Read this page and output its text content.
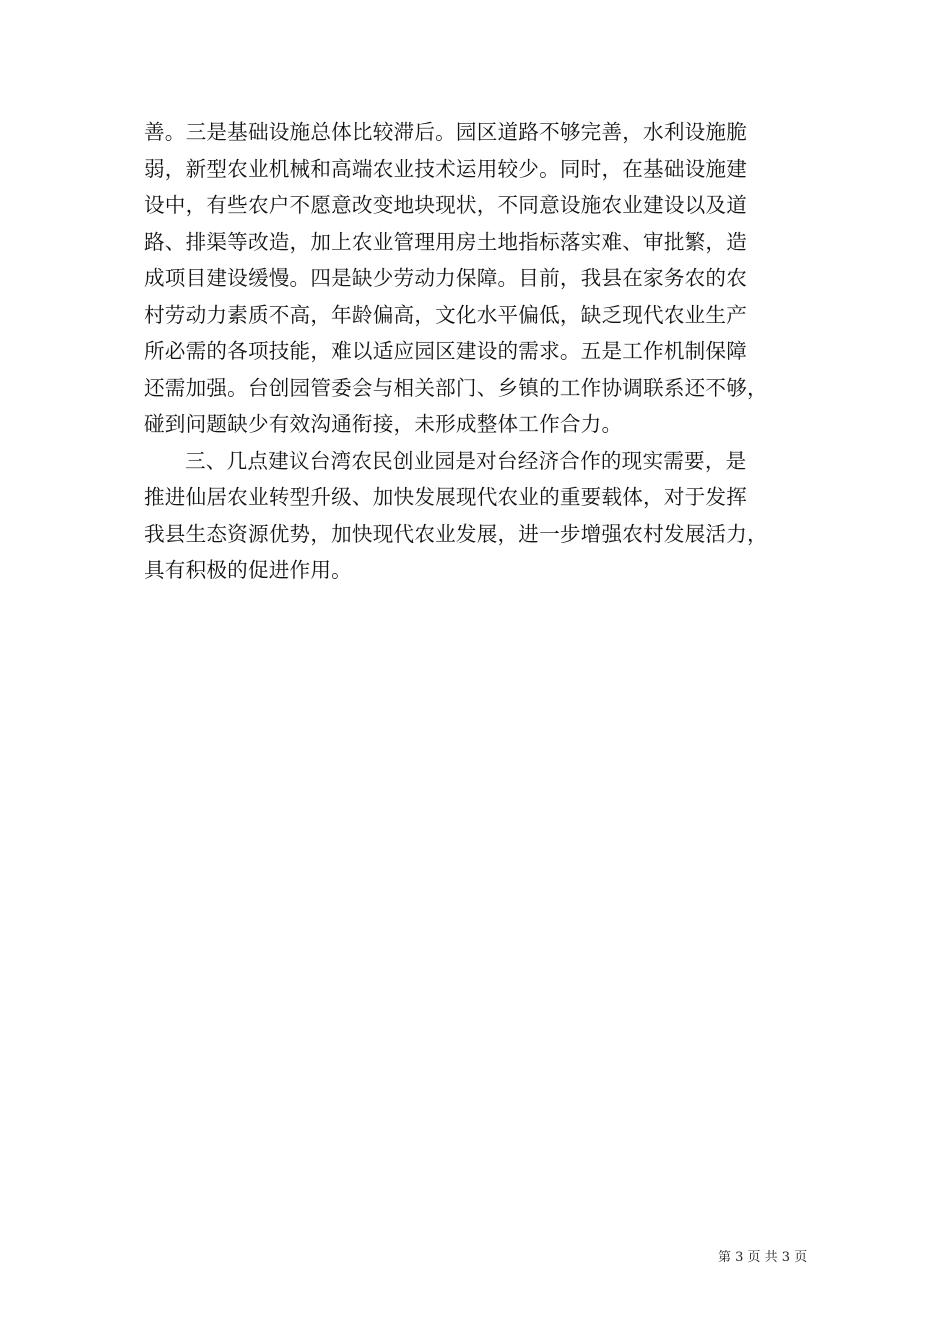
善。三是基础设施总体比较滞后。园区道路不够完善，水利设施脆
弱，新型农业机械和高端农业技术运用较少。同时，在基础设施建
设中，有些农户不愿意改变地块现状，不同意设施农业建设以及道
路、排渠等改造，加上农业管理用房土地指标落实难、审批繁，造
成项目建设缓慢。四是缺少劳动力保障。目前，我县在家务农的农
村劳动力素质不高，年龄偏高，文化水平偏低，缺乏现代农业生产
所必需的各项技能，难以适应园区建设的需求。五是工作机制保障
还需加强。台创园管委会与相关部门、乡镇的工作协调联系还不够，
碰到问题缺少有效沟通衔接，未形成整体工作合力。
三、几点建议台湾农民创业园是对台经济合作的现实需要，是
推进仙居农业转型升级、加快发展现代农业的重要载体，对于发挥
我县生态资源优势，加快现代农业发展，进一步增强农村发展活力，
具有积极的促进作用。
第 3 页 共 3 页
